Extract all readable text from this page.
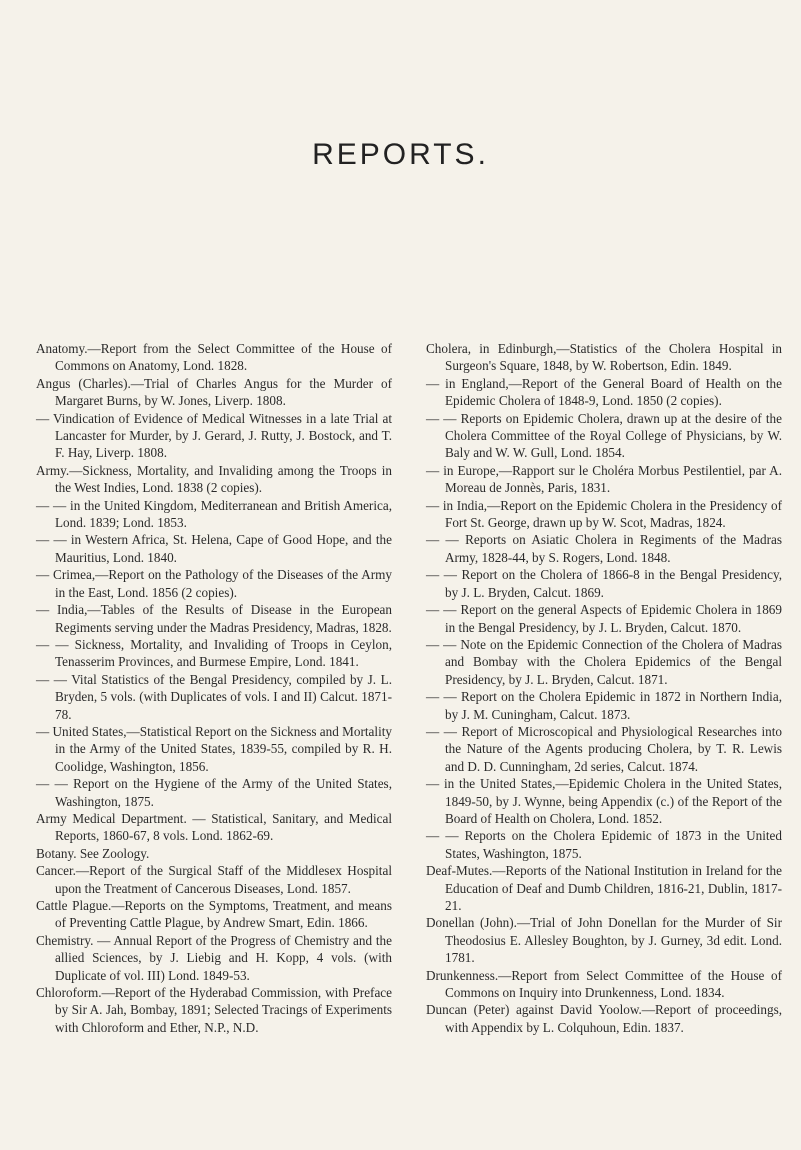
REPORTS.

Anatomy.—Report from the Select Committee of the House of Commons on Anatomy, Lond. 1828.

Angus (Charles).—Trial of Charles Angus for the Murder of Margaret Burns, by W. Jones, Liverp. 1808.

— Vindication of Evidence of Medical Witnesses in a late Trial at Lancaster for Murder, by J. Gerard, J. Rutty, J. Bostock, and T. F. Hay, Liverp. 1808.

Army.—Sickness, Mortality, and Invaliding among the Troops in the West Indies, Lond. 1838 (2 copies).

— — in the United Kingdom, Mediterranean and British America, Lond. 1839; Lond. 1853.

— — in Western Africa, St. Helena, Cape of Good Hope, and the Mauritius, Lond. 1840.

— Crimea,—Report on the Pathology of the Diseases of the Army in the East, Lond. 1856 (2 copies).

— India,—Tables of the Results of Disease in the European Regiments serving under the Madras Presidency, Madras, 1828.

— — Sickness, Mortality, and Invaliding of Troops in Ceylon, Tenasserim Provinces, and Burmese Empire, Lond. 1841.

— — Vital Statistics of the Bengal Presidency, compiled by J. L. Bryden, 5 vols. (with Duplicates of vols. I and II) Calcut. 1871-78.

— United States,—Statistical Report on the Sickness and Mortality in the Army of the United States, 1839-55, compiled by R. H. Coolidge, Washington, 1856.

— — Report on the Hygiene of the Army of the United States, Washington, 1875.

Army Medical Department. — Statistical, Sanitary, and Medical Reports, 1860-67, 8 vols. Lond. 1862-69.

Botany. See Zoology.

Cancer.—Report of the Surgical Staff of the Middlesex Hospital upon the Treatment of Cancerous Diseases, Lond. 1857.

Cattle Plague.—Reports on the Symptoms, Treatment, and means of Preventing Cattle Plague, by Andrew Smart, Edin. 1866.

Chemistry. — Annual Report of the Progress of Chemistry and the allied Sciences, by J. Liebig and H. Kopp, 4 vols. (with Duplicate of vol. III) Lond. 1849-53.

Chloroform.—Report of the Hyderabad Commission, with Preface by Sir A. Jah, Bombay, 1891; Selected Tracings of Experiments with Chloroform and Ether, N.P., N.D.

Cholera, in Edinburgh,—Statistics of the Cholera Hospital in Surgeon's Square, 1848, by W. Robertson, Edin. 1849.

— in England,—Report of the General Board of Health on the Epidemic Cholera of 1848-9, Lond. 1850 (2 copies).

— — Reports on Epidemic Cholera, drawn up at the desire of the Cholera Committee of the Royal College of Physicians, by W. Baly and W. W. Gull, Lond. 1854.

— in Europe,—Rapport sur le Choléra Morbus Pestilentiel, par A. Moreau de Jonnès, Paris, 1831.

— in India,—Report on the Epidemic Cholera in the Presidency of Fort St. George, drawn up by W. Scot, Madras, 1824.

— — Reports on Asiatic Cholera in Regiments of the Madras Army, 1828-44, by S. Rogers, Lond. 1848.

— — Report on the Cholera of 1866-8 in the Bengal Presidency, by J. L. Bryden, Calcut. 1869.

— — Report on the general Aspects of Epidemic Cholera in 1869 in the Bengal Presidency, by J. L. Bryden, Calcut. 1870.

— — Note on the Epidemic Connection of the Cholera of Madras and Bombay with the Cholera Epidemics of the Bengal Presidency, by J. L. Bryden, Calcut. 1871.

— — Report on the Cholera Epidemic in 1872 in Northern India, by J. M. Cuningham, Calcut. 1873.

— — Report of Microscopical and Physiological Researches into the Nature of the Agents producing Cholera, by T. R. Lewis and D. D. Cunningham, 2d series, Calcut. 1874.

— in the United States,—Epidemic Cholera in the United States, 1849-50, by J. Wynne, being Appendix (c.) of the Report of the Board of Health on Cholera, Lond. 1852.

— — Reports on the Cholera Epidemic of 1873 in the United States, Washington, 1875.

Deaf-Mutes.—Reports of the National Institution in Ireland for the Education of Deaf and Dumb Children, 1816-21, Dublin, 1817-21.

Donellan (John).—Trial of John Donellan for the Murder of Sir Theodosius E. Allesley Boughton, by J. Gurney, 3d edit. Lond. 1781.

Drunkenness.—Report from Select Committee of the House of Commons on Inquiry into Drunkenness, Lond. 1834.

Duncan (Peter) against David Yoolow.—Report of proceedings, with Appendix by L. Colquhoun, Edin. 1837.
